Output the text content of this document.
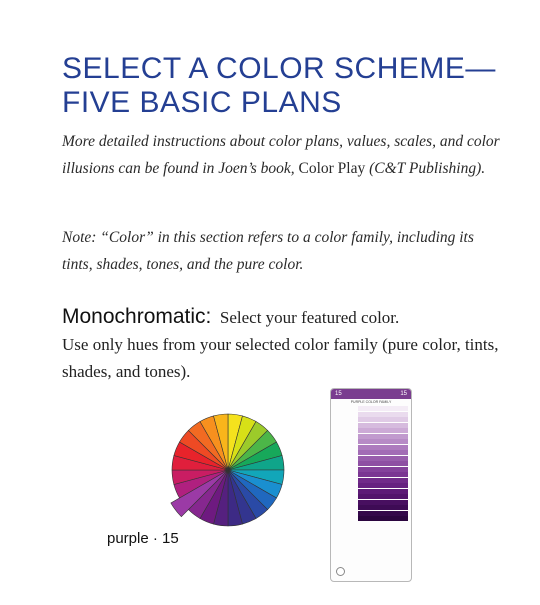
SELECT A COLOR SCHEME—
FIVE BASIC PLANS
More detailed instructions about color plans, values, scales, and color illusions can be found in Joen’s book, Color Play (C&T Publishing).
Note: “Color” in this section refers to a color family, including its tints, shades, tones, and the pure color.
Monochromatic: Select your featured color.
Use only hues from your selected color family (pure color, tints, shades, and tones).
purple · 15
15	15
PURPLE COLOR FAMILY
